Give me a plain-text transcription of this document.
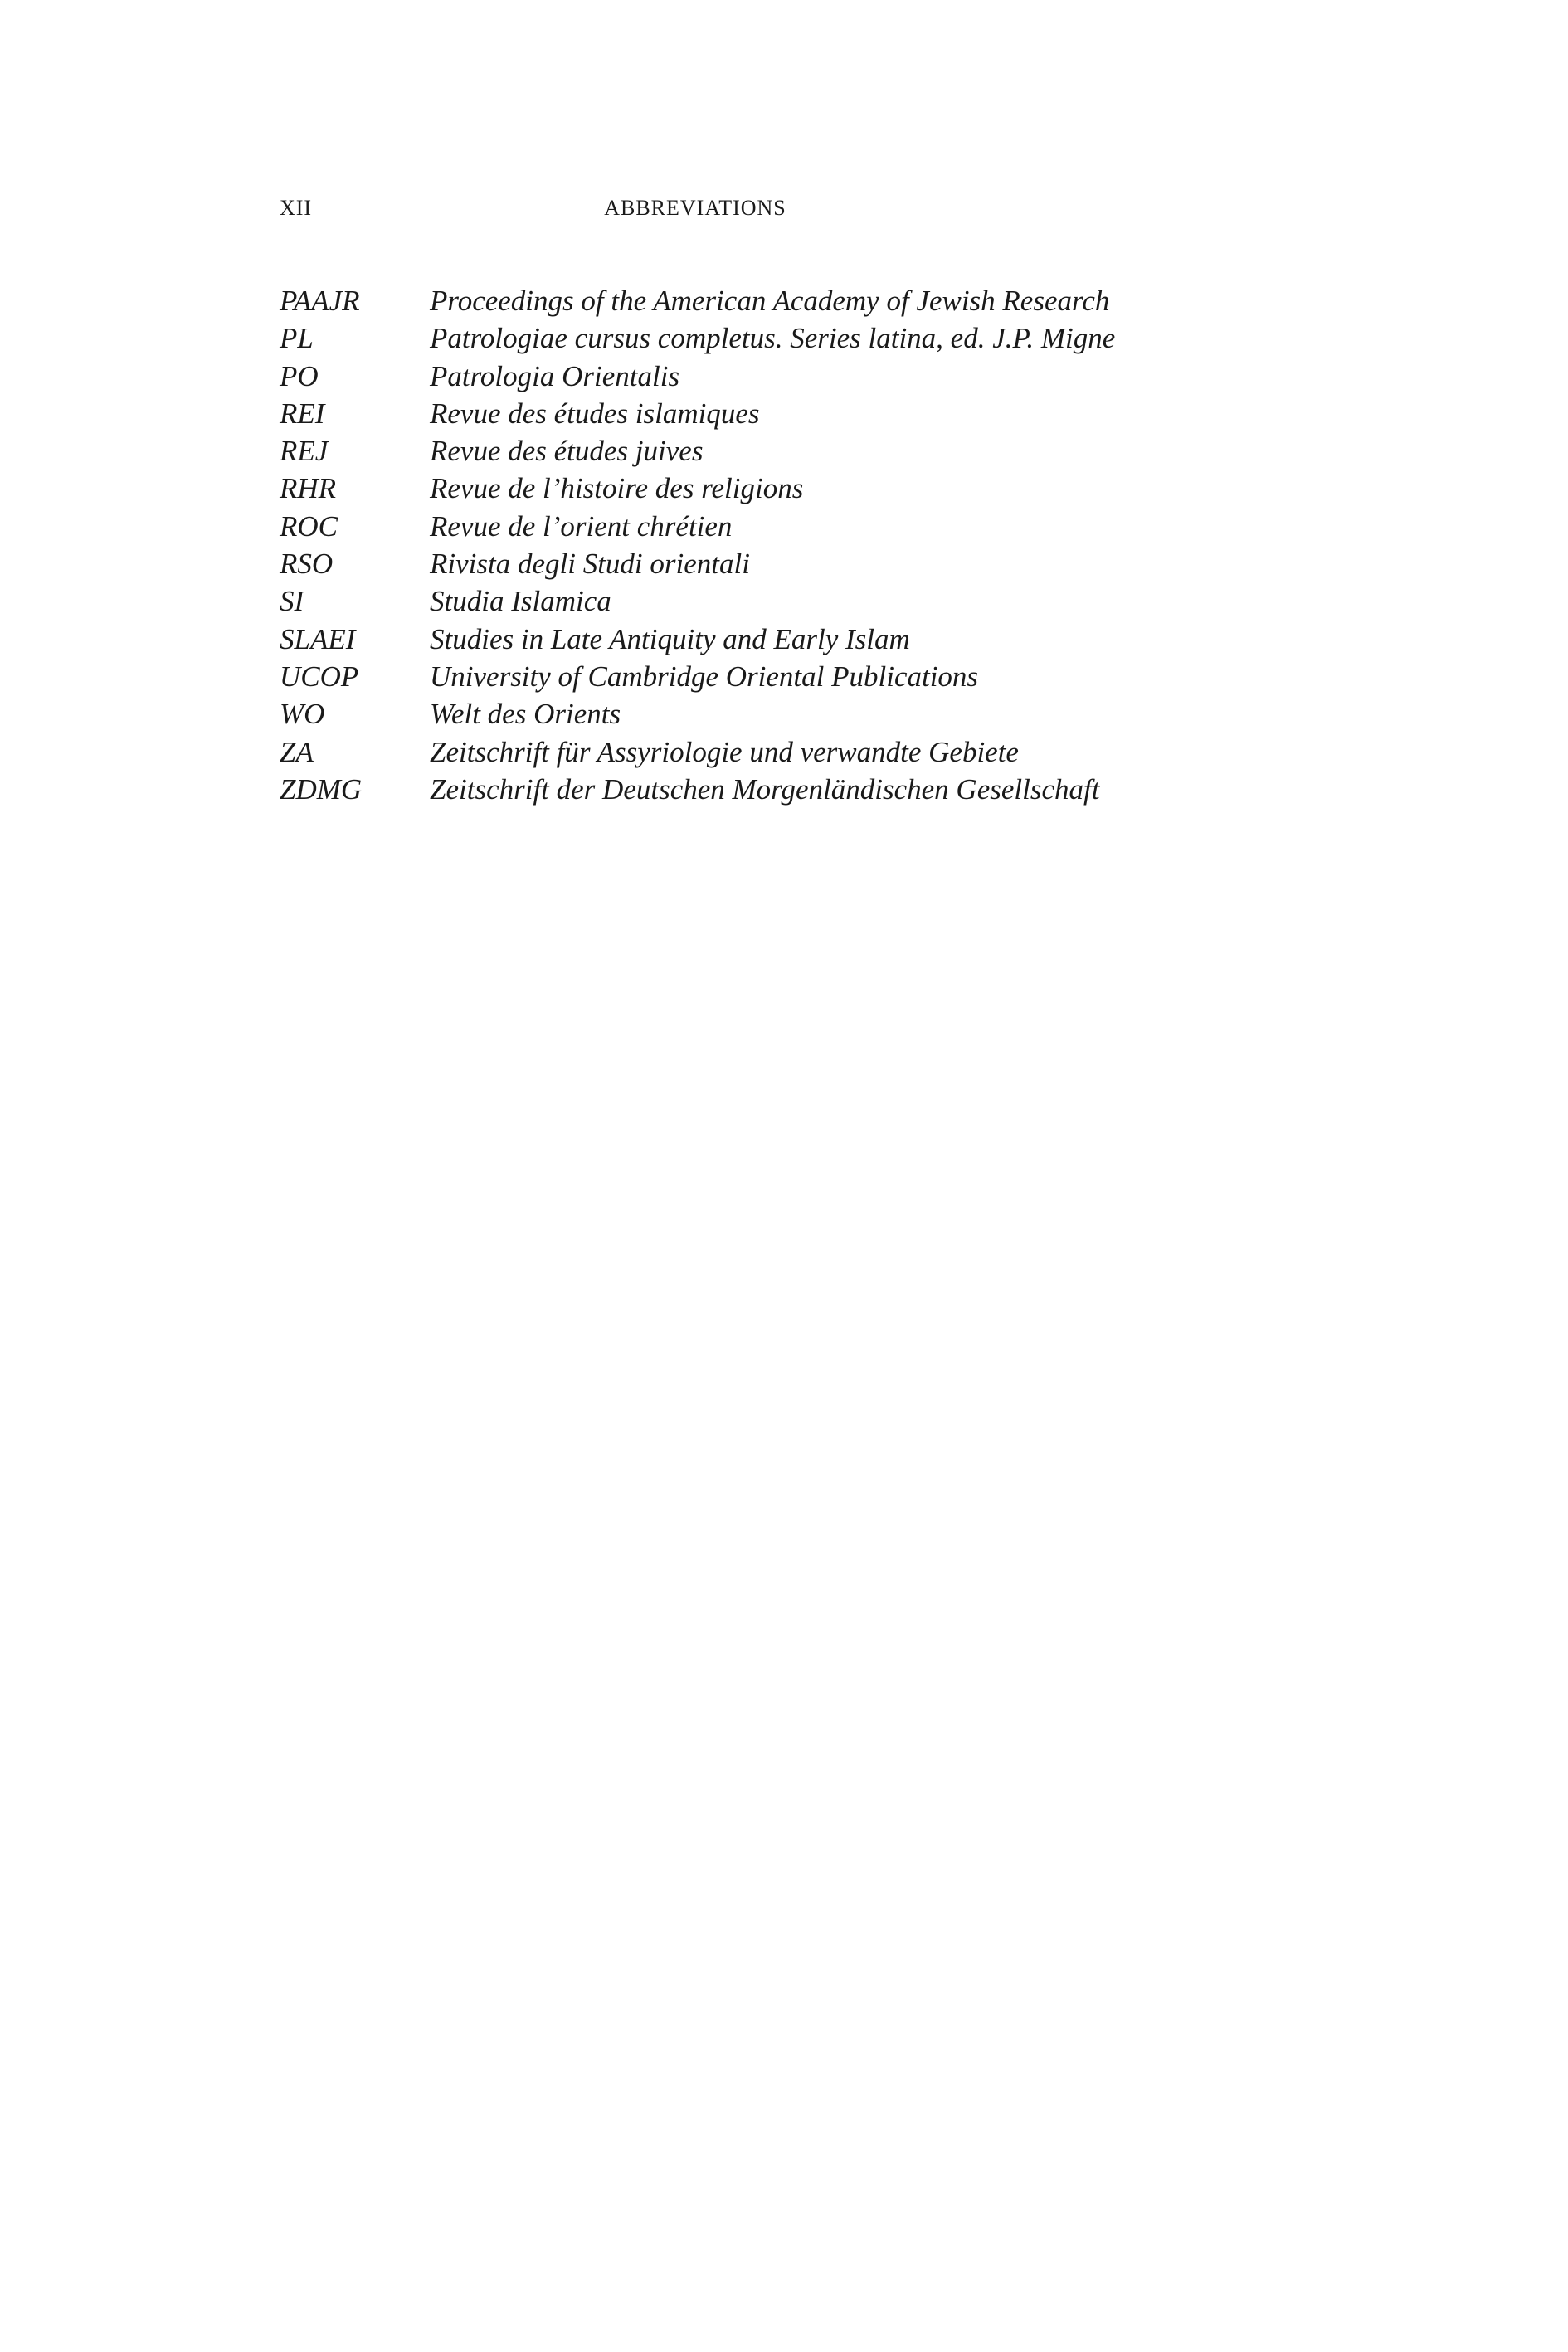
XII	ABBREVIATIONS
PAAJR Proceedings of the American Academy of Jewish Research
PL	Patrologiae cursus completus. Series latina, ed. J.P. Migne
PO	Patrologia Orientalis
REI	Revue des études islamiques
REJ	Revue des études juives
RHR	Revue de l’histoire des religions
ROC	Revue de l’orient chrétien
RSO	Rivista degli Studi orientali
SI	Studia Islamica
SLAEI	Studies in Late Antiquity and Early Islam
UCOP University of Cambridge Oriental Publications
WO	Welt des Orients
ZA	Zeitschrift für Assyriologie und verwandte Gebiete
ZDMG Zeitschrift der Deutschen Morgenländischen Gesellschaft
